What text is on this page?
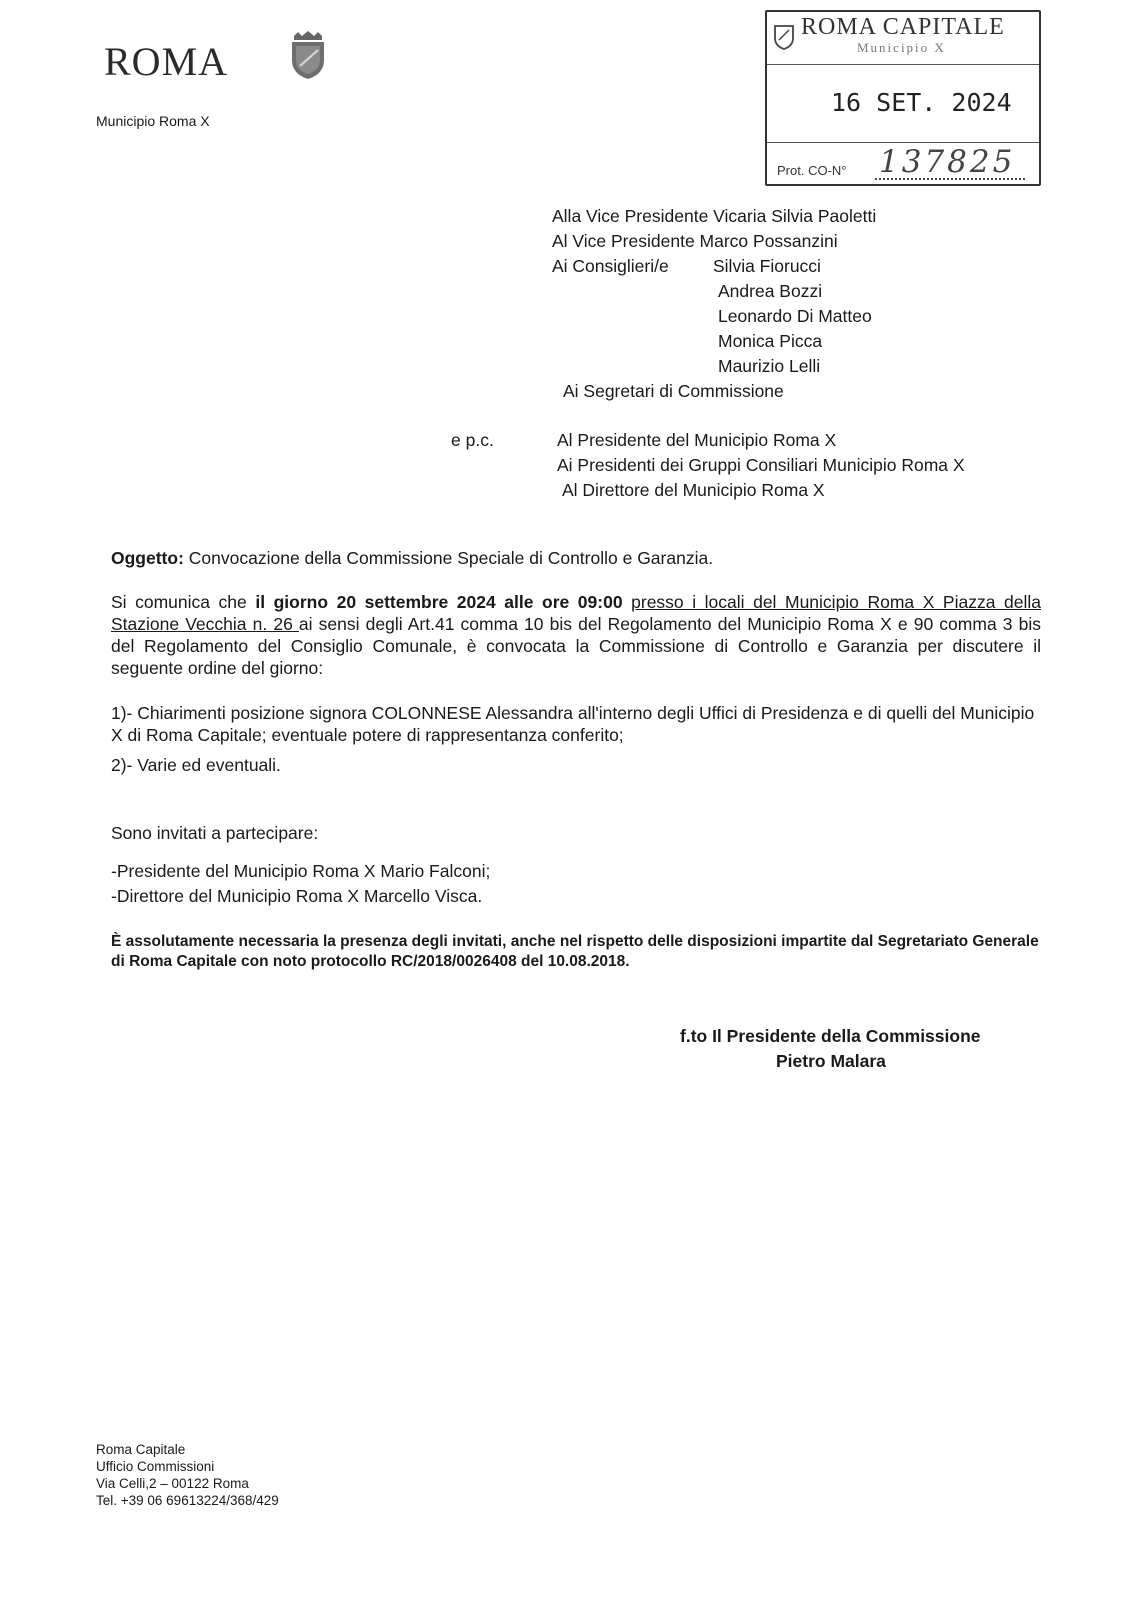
ROMA
Municipio Roma X
ROMA CAPITALE
Municipio X
16 SET. 2024
Prot. CO-N° 137825
Alla Vice Presidente Vicaria Silvia Paoletti
Al Vice Presidente Marco Possanzini
Ai Consiglieri/e	Silvia Fiorucci
Andrea Bozzi
Leonardo Di Matteo
Monica Picca
Maurizio Lelli
Ai Segretari di Commissione
e p.c.	Al Presidente del Municipio Roma X
Ai Presidenti dei Gruppi Consiliari Municipio Roma X
Al Direttore del Municipio Roma X
Oggetto: Convocazione della Commissione Speciale di Controllo e Garanzia.
Si comunica che il giorno 20 settembre 2024 alle ore 09:00 presso i locali del Municipio Roma X Piazza della Stazione Vecchia n. 26 ai sensi degli Art.41 comma 10 bis del Regolamento del Municipio Roma X e 90 comma 3 bis del Regolamento del Consiglio Comunale, è convocata la Commissione di Controllo e Garanzia per discutere il seguente ordine del giorno:
1)- Chiarimenti posizione signora COLONNESE Alessandra all'interno degli Uffici di Presidenza e di quelli del Municipio X di Roma Capitale; eventuale potere di rappresentanza conferito;
2)- Varie ed eventuali.
Sono invitati a partecipare:
-Presidente del Municipio Roma X Mario Falconi;
-Direttore del Municipio Roma X Marcello Visca.
È assolutamente necessaria la presenza degli invitati, anche nel rispetto delle disposizioni impartite dal Segretariato Generale di Roma Capitale con noto protocollo RC/2018/0026408 del 10.08.2018.
f.to Il Presidente della Commissione
Pietro Malara
Roma Capitale
Ufficio Commissioni
Via Celli,2 – 00122 Roma
Tel. +39 06 69613224/368/429
